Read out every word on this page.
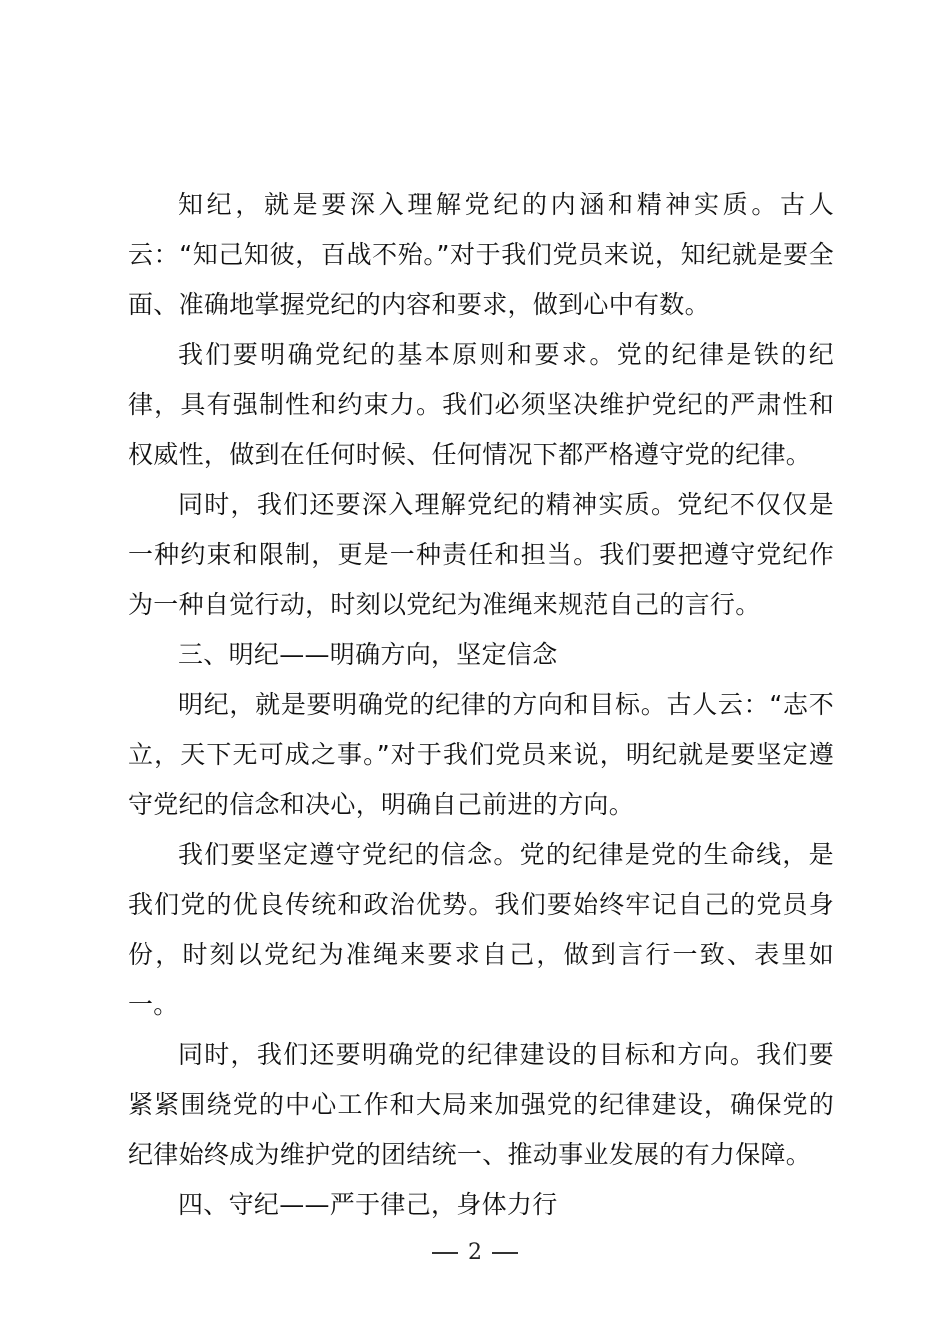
知纪，就是要深入理解党纪的内涵和精神实质。古人云：“知己知彼，百战不殆。”对于我们党员来说，知纪就是要全面、准确地掌握党纪的内容和要求，做到心中有数。

我们要明确党纪的基本原则和要求。党的纪律是铁的纪律，具有强制性和约束力。我们必须坚决维护党纪的严肃性和权威性，做到在任何时候、任何情况下都严格遵守党的纪律。

同时，我们还要深入理解党纪的精神实质。党纪不仅仅是一种约束和限制，更是一种责任和担当。我们要把遵守党纪作为一种自觉行动，时刻以党纪为准绳来规范自己的言行。

三、明纪——明确方向，坚定信念

明纪，就是要明确党的纪律的方向和目标。古人云：“志不立，天下无可成之事。”对于我们党员来说，明纪就是要坚定遵守党纪的信念和决心，明确自己前进的方向。

我们要坚定遵守党纪的信念。党的纪律是党的生命线，是我们党的优良传统和政治优势。我们要始终牢记自己的党员身份，时刻以党纪为准绳来要求自己，做到言行一致、表里如一。

同时，我们还要明确党的纪律建设的目标和方向。我们要紧紧围绕党的中心工作和大局来加强党的纪律建设，确保党的纪律始终成为维护党的团结统一、推动事业发展的有力保障。

四、守纪——严于律己，身体力行

2
